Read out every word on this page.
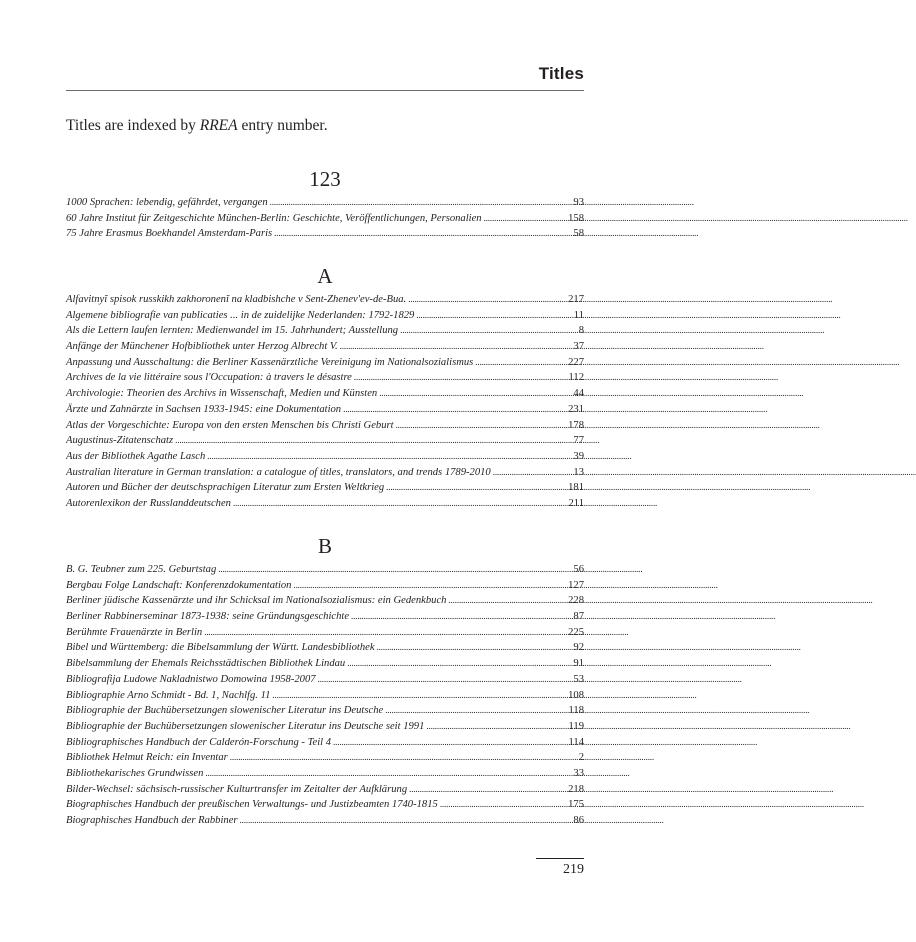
Titles
Titles are indexed by RREA entry number.
123
1000 Sprachen: lebendig, gefährdet, vergangen . . .	93
60 Jahre Institut für Zeitgeschichte München-Berlin: Geschichte, Veröffentlichungen, Personalien . . .	158
75 Jahre Erasmus Boekhandel Amsterdam-Paris . . .	58
A
Alfavitnyĭ spisok russkikh zakhoronenĭ na kladbishche v Sent-Zhenev'ev-de-Bua. . . .	217
Algemene bibliografie van publicaties ... in de zuidelijke Nederlanden: 1792-1829 . . .	11
Als die Lettern laufen lernten: Medienwandel im 15. Jahrhundert; Ausstellung . . .	8
Anfänge der Münchener Hofbibliothek unter Herzog Albrecht V. . . .	37
Anpassung und Ausschaltung: die Berliner Kassenärztliche Vereinigung im Nationalsozialismus . . .	227
Archives de la vie littéraire sous l'Occupation: à travers le désastre . . .	112
Archivologie: Theorien des Archivs in Wissenschaft, Medien und Künsten . . .	44
Ärzte und Zahnärzte in Sachsen 1933-1945: eine Dokumentation . . .	231
Atlas der Vorgeschichte: Europa von den ersten Menschen bis Christi Geburt . . .	178
Augustinus-Zitatenschatz . . .	77
Aus der Bibliothek Agathe Lasch . . .	39
Australian literature in German translation: a catalogue of titles, translators, and trends 1789-2010 . . .	13
Autoren und Bücher der deutschsprachigen Literatur zum Ersten Weltkrieg . . .	181
Autorenlexikon der Russlanddeutschen . . .	211
B
B. G. Teubner zum 225. Geburtstag . . .	56
Bergbau Folge Landschaft: Konferenzdokumentation . . .	127
Berliner jüdische Kassenärzte und ihr Schicksal im Nationalsozialismus: ein Gedenkbuch . . .	228
Berliner Rabbinerseminar 1873-1938: seine Gründungsgeschichte . . .	87
Berühmte Frauenärzte in Berlin . . .	225
Bibel und Württemberg: die Bibelsammlung der Württ. Landesbibliothek . . .	92
Bibelsammlung der Ehemals Reichsstädtischen Bibliothek Lindau . . .	91
Bibliografija Ludowe Nakladnistwo Domowina 1958-2007 . . .	53
Bibliographie Arno Schmidt - Bd. 1, Nachlfg. 11 . . .	108
Bibliographie der Buchübersetzungen slowenischer Literatur ins Deutsche . . .	118
Bibliographie der Buchübersetzungen slowenischer Literatur ins Deutsche seit 1991 . . .	119
Bibliographisches Handbuch der Calderón-Forschung - Teil 4 . . .	114
Bibliothek Helmut Reich: ein Inventar . . .	2
Bibliothekarisches Grundwissen . . .	33
Bilder-Wechsel: sächsisch-russischer Kulturtransfer im Zeitalter der Aufklärung . . .	218
Biographisches Handbuch der preußischen Verwaltungs- und Justizbeamten 1740-1815 . . .	175
Biographisches Handbuch der Rabbiner . . .	86
219
